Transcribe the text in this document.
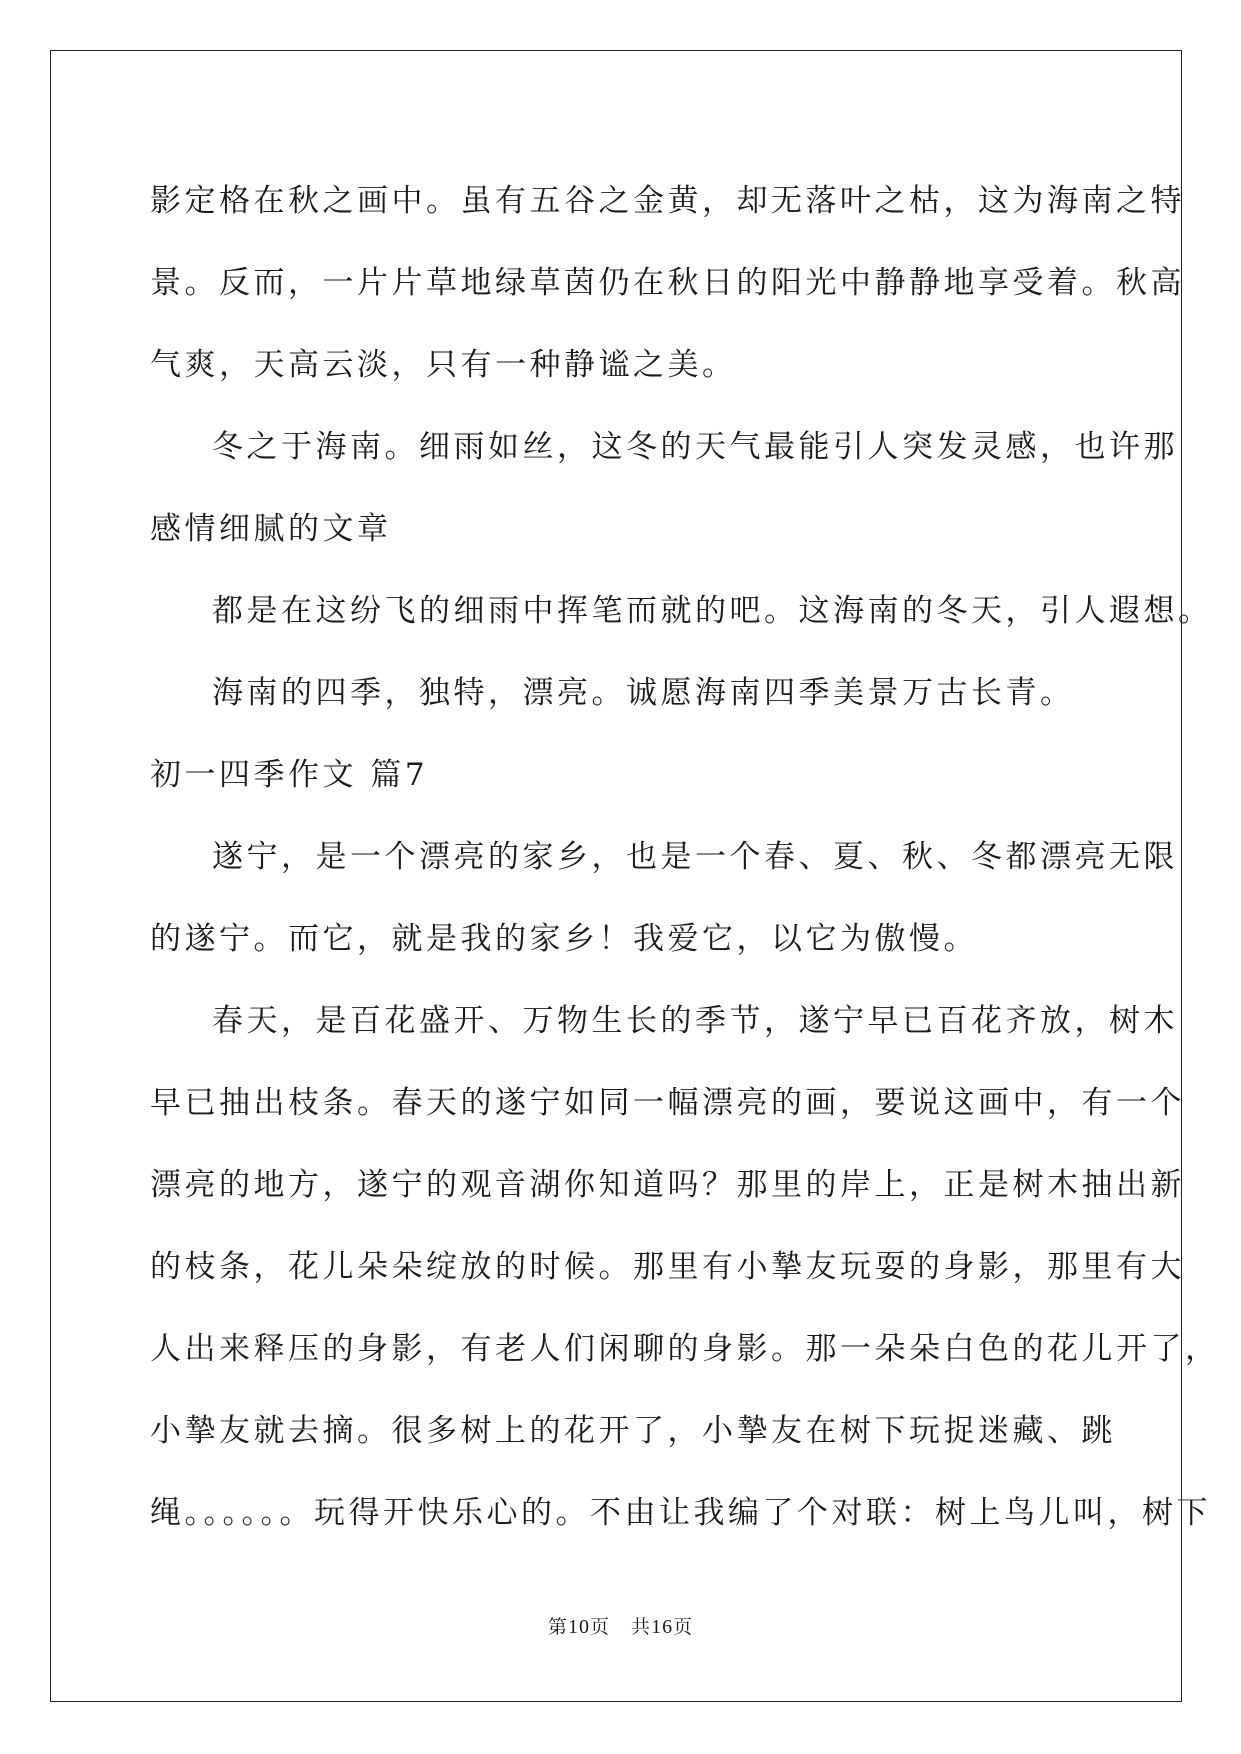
影定格在秋之画中。虽有五谷之金黄，却无落叶之枯，这为海南之特
景。反而，一片片草地绿草茵仍在秋日的阳光中静静地享受着。秋高
气爽，天高云淡，只有一种静谧之美。
冬之于海南。细雨如丝，这冬的天气最能引人突发灵感，也许那
感情细腻的文章
都是在这纷飞的细雨中挥笔而就的吧。这海南的冬天，引人遐想。
海南的四季，独特，漂亮。诚愿海南四季美景万古长青。
初一四季作文 篇7
遂宁，是一个漂亮的家乡，也是一个春、夏、秋、冬都漂亮无限
的遂宁。而它，就是我的家乡！我爱它，以它为傲慢。
春天，是百花盛开、万物生长的季节，遂宁早已百花齐放，树木
早已抽出枝条。春天的遂宁如同一幅漂亮的画，要说这画中，有一个
漂亮的地方，遂宁的观音湖你知道吗？那里的岸上，正是树木抽出新
的枝条，花儿朵朵绽放的时候。那里有小摯友玩耍的身影，那里有大
人出来释压的身影，有老人们闲聊的身影。那一朵朵白色的花儿开了，
小摯友就去摘。很多树上的花开了，小摯友在树下玩捉迷藏、跳
绳。。。。。。玩得开快乐心的。不由让我编了个对联：树上鸟儿叫，树下
第10页   共16页
